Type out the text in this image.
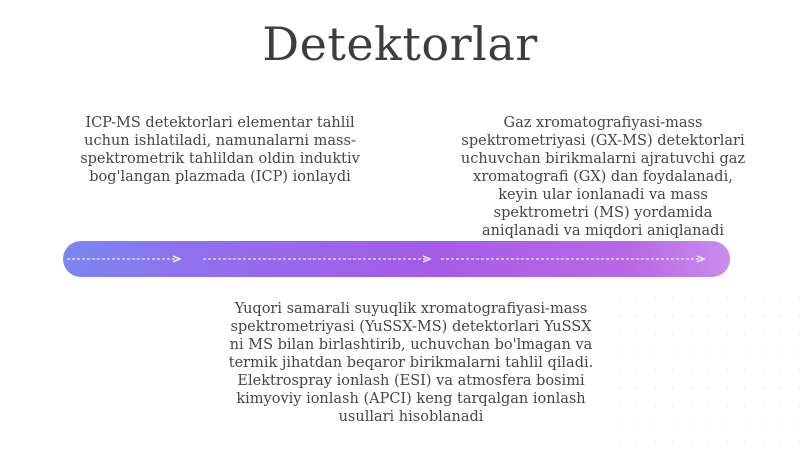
Detektorlar
ICP-MS detektorlari elementar tahlil uchun ishlatiladi, namunalarni mass-spektrometrik tahlildan oldin induktiv bog'langan plazmada (ICP) ionlaydi
Gaz xromatografiyasi-mass spektrometriyasi (GX-MS) detektorlari uchuvchan birikmalarni ajratuvchi gaz xromatografi (GX) dan foydalanadi, keyin ular ionlanadi va mass spektrometri (MS) yordamida aniqlanadi va miqdori aniqlanadi
Yuqori samarali suyuqlik xromatografiyasi-mass spektrometriyasi (YuSSX-MS) detektorlari YuSSX ni MS bilan birlashtirib, uchuvchan bo'lmagan va termik jihatdan beqaror birikmalarni tahlil qiladi. Elektrospray ionlash (ESI) va atmosfera bosimi kimyoviy ionlash (APCI) keng tarqalgan ionlash usullari hisoblanadi
